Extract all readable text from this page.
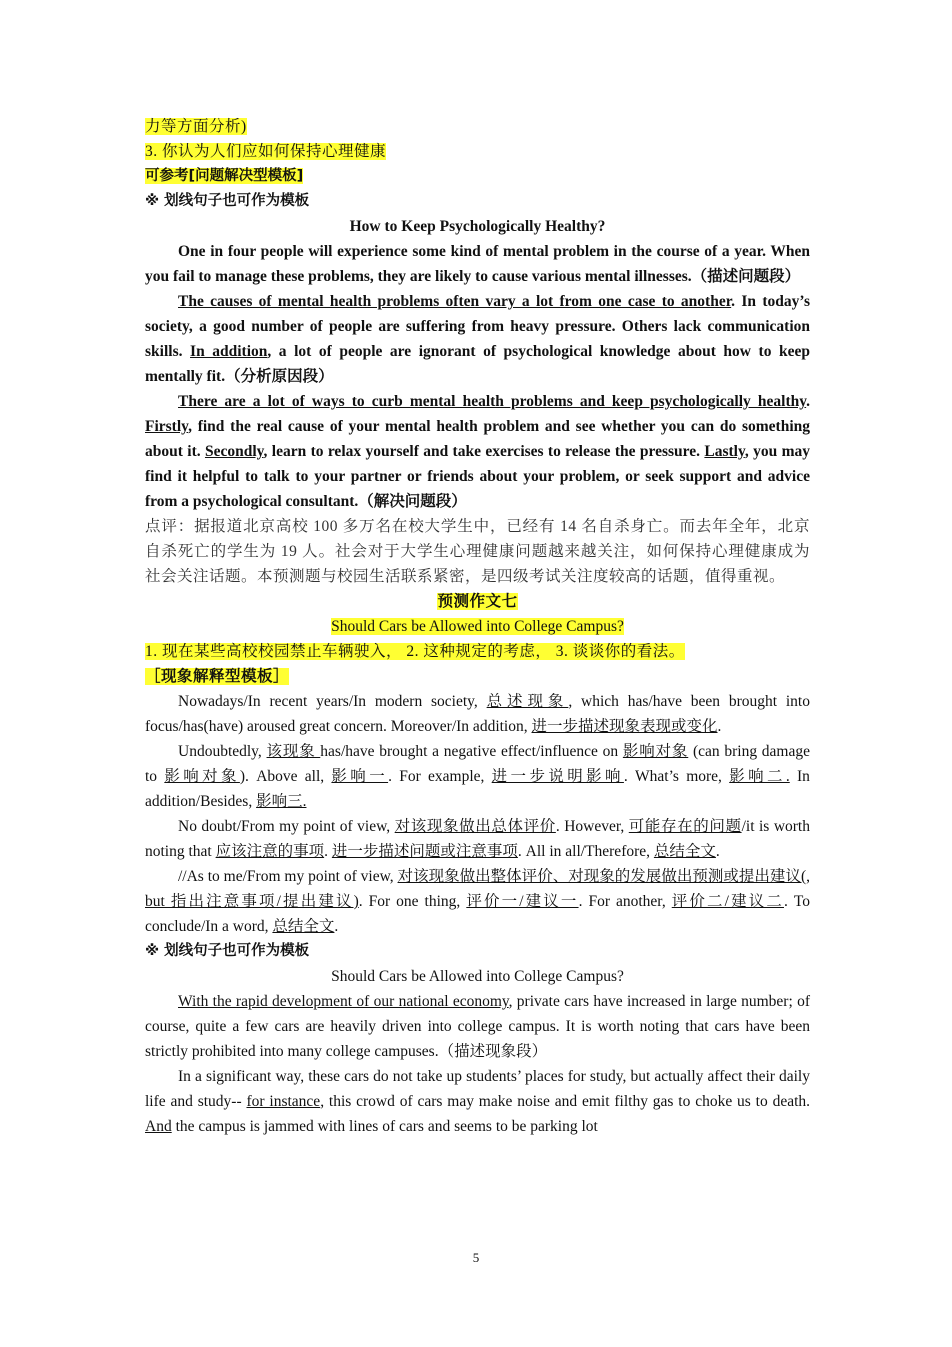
力等方面分析)

3. 你认为人们应如何保持心理健康

可参考[问题解决型模板]

※ 划线句子也可作为模板

How to Keep Psychologically Healthy?

One in four people will experience some kind of mental problem in the course of a year. When you fail to manage these problems, they are likely to cause various mental illnesses.（描述问题段）

The causes of mental health problems often vary a lot from one case to another. In today’s society, a good number of people are suffering from heavy pressure. Others lack communication skills. In addition, a lot of people are ignorant of psychological knowledge about how to keep mentally fit.（分析原因段）

There are a lot of ways to curb mental health problems and keep psychologically healthy. Firstly, find the real cause of your mental health problem and see whether you can do something about it. Secondly, learn to relax yourself and take exercises to release the pressure. Lastly, you may find it helpful to talk to your partner or friends about your problem, or seek support and advice from a psychological consultant.（解决问题段）

点评：据报道北京高校 100 多万名在校大学生中，已经有 14 名自杀身亡。而去年全年，北京自杀死亡的学生为 19 人。社会对于大学生心理健康问题越来越关注，如何保持心理健康成为社会关注话题。本预测题与校园生活联系紧密，是四级考试关注度较高的话题，值得重视。

预测作文七

Should Cars be Allowed into College Campus?

1. 现在某些高校校园禁止车辆驶入， 2. 这种规定的考虑， 3. 谈谈你的看法。

［现象解释型模板］

Nowadays/In recent years/In modern society, 总述现象, which has/have been brought into focus/has(have) aroused great concern. Moreover/In addition, 进一步描述现象表现或变化.

Undoubtedly, 该现象 has/have brought a negative effect/influence on 影响对象 (can bring damage to 影响对象). Above all, 影响一. For example, 进一步说明影响. What’s more, 影响二. In addition/Besides, 影响三.

No doubt/From my point of view, 对该现象做出总体评价. However, 可能存在的问题/it is worth noting that 应该注意的事项. 进一步描述问题或注意事项. All in all/Therefore, 总结全文.

//As to me/From my point of view, 对该现象做出整体评价、对现象的发展做出预测或提出建议(, but 指出注意事项/提出建议). For one thing, 评价一/建议一. For another, 评价二/建议二. To conclude/In a word, 总结全文.

※ 划线句子也可作为模板

Should Cars be Allowed into College Campus?

With the rapid development of our national economy, private cars have increased in large number; of course, quite a few cars are heavily driven into college campus. It is worth noting that cars have been strictly prohibited into many college campuses.（描述现象段）

In a significant way, these cars do not take up students’ places for study, but actually affect their daily life and study-- for instance, this crowd of cars may make noise and emit filthy gas to choke us to death. And the campus is jammed with lines of cars and seems to be parking lot

5
